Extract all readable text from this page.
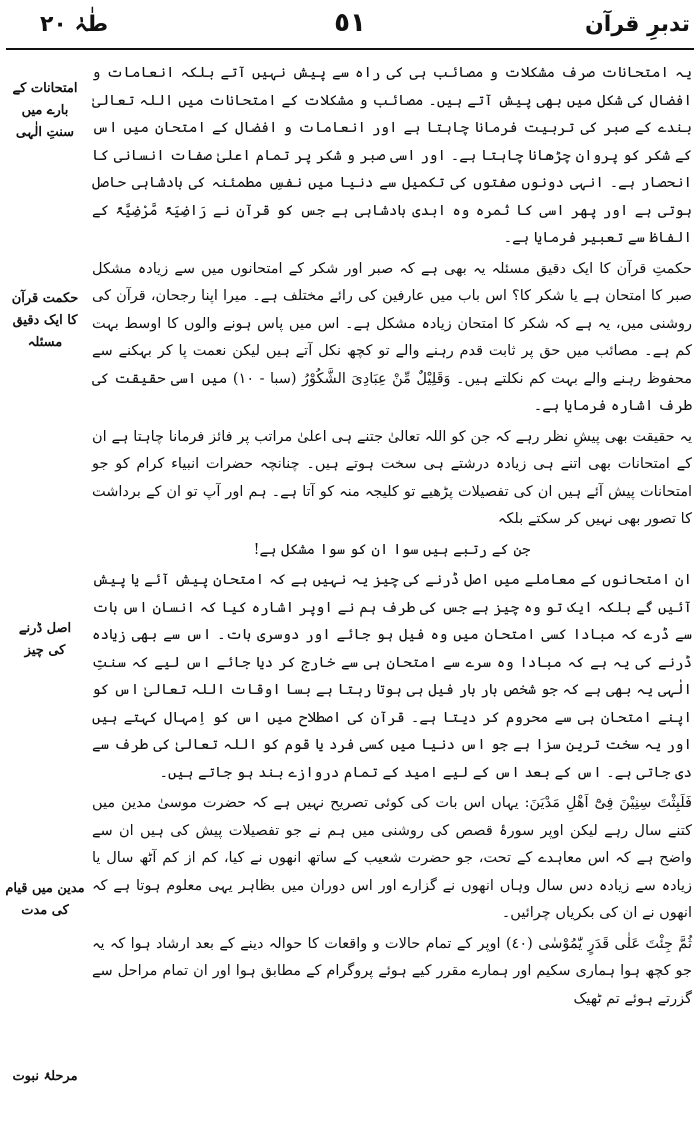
طٰہٰ ٢٠	٥١	تدبرِ قرآن
امتحانات کے
بارے میں
سنتِ الٰہی
حکمت قرآن
کا ایک دقیق
مسئلہ
اصل ڈرنے
کی چیز
مدین میں قیام
کی مدت
مرحلۂ نبوت

یہ امتحانات صرف مشکلات و مصائب ہی کی راہ سے پیش نہیں آتے بلکہ انعامات و افضال کی شکل میں بھی پیش آتے ہیں۔ مصائب و مشکلات کے امتحانات میں اللہ تعالیٰ بندے کے صبر کی تربیت فرمانا چاہتا ہے اور انعامات و افضال کے امتحان میں اس کے شکر کو پروان چڑھانا چاہتا ہے۔ اور اسی صبر و شکر پر تمام اعلیٰ صفات انسانی کا انحصار ہے۔ انہی دونوں صفتوں کی تکمیل سے دنیا میں نفسِ مطمئنہ کی بادشاہی حاصل ہوتی ہے اور پھر اسی کا ثمرہ وہ ابدی بادشاہی ہے جس کو قرآن نے رَاضِیَۃً مَّرْضِیَّۃً کے الفاظ سے تعبیر فرمایا ہے۔

حکمتِ قرآن کا ایک دقیق مسئلہ یہ بھی ہے کہ صبر اور شکر کے امتحانوں میں سے زیادہ مشکل صبر کا امتحان ہے یا شکر کا؟ اس باب میں عارفین کی رائے مختلف ہے۔ میرا اپنا رجحان، قرآن کی روشنی میں، یہ ہے کہ شکر کا امتحان زیادہ مشکل ہے۔ اس میں پاس ہونے والوں کا اوسط بہت کم ہے۔ مصائب میں حق پر ثابت قدم رہنے والے تو کچھ نکل آتے ہیں لیکن نعمت پا کر بہکنے سے محفوظ رہنے والے بہت کم نکلتے ہیں۔ وَقَلِیْلٌ مِّنْ عِبَادِیَ الشَّکُوْرُ (سبا - ١٠) میں اسی حقیقت کی طرف اشارہ فرمایا ہے۔

یہ حقیقت بھی پیشِ نظر رہے کہ جن کو اللہ تعالیٰ جتنے ہی اعلیٰ مراتب پر فائز فرمانا چاہتا ہے ان کے امتحانات بھی اتنے ہی زیادہ درشتے ہی سخت ہوتے ہیں۔ چنانچہ حضرات انبیاء کرام کو جو امتحانات پیش آئے ہیں ان کی تفصیلات پڑھیے تو کلیجہ منہ کو آتا ہے۔ ہم اور آپ تو ان کے برداشت کا تصور بھی نہیں کر سکتے بلکہ

جن کے رتبے ہیں سوا ان کو سوا مشکل ہے!

ان امتحانوں کے معاملے میں اصل ڈرنے کی چیز یہ نہیں ہے کہ امتحان پیش آئے یا پیش آئیں گے بلکہ ایک تو وہ چیز ہے جس کی طرف ہم نے اوپر اشارہ کیا کہ انسان اس بات سے ڈرے کہ مبادا کسی امتحان میں وہ فیل ہو جائے اور دوسری بات۔ اس سے بھی زیادہ ڈرنے کی یہ ہے کہ مبادا وہ سرے سے امتحان ہی سے خارج کر دیا جائے اس لیے کہ سنتِ الٰہی یہ بھی ہے کہ جو شخص بار بار فیل ہی ہوتا رہتا ہے بسا اوقات اللہ تعالیٰ اس کو اپنے امتحان ہی سے محروم کر دیتا ہے۔ قرآن کی اصطلاح میں اس کو اِمہال کہتے ہیں اور یہ سخت ترین سزا ہے جو اس دنیا میں کسی فرد یا قوم کو اللہ تعالیٰ کی طرف سے دی جاتی ہے۔ اس کے بعد اس کے لیے امید کے تمام دروازے بند ہو جاتے ہیں۔

فَلَبِثْتَ سِنِیْنَ فِیْٓ اَھْلِ مَدْیَنَ: یہاں اس بات کی کوئی تصریح نہیں ہے کہ حضرت موسیٰ مدین میں کتنے سال رہے لیکن اوپر سورۂ قصص کی روشنی میں ہم نے جو تفصیلات پیش کی ہیں ان سے واضح ہے کہ اس معاہدے کے تحت، جو حضرت شعیب کے ساتھ انھوں نے کیا، کم از کم آٹھ سال یا زیادہ سے زیادہ دس سال وہاں انھوں نے گزارے اور اس دوران میں بظاہر یہی معلوم ہوتا ہے کہ انھوں نے ان کی بکریاں چرائیں۔

ثُمَّ جِئْتَ عَلٰی قَدَرٍ یّٰمُوْسٰی (٤٠) اوپر کے تمام حالات و واقعات کا حوالہ دینے کے بعد ارشاد ہوا کہ یہ جو کچھ ہوا ہماری سکیم اور ہمارے مقرر کیے ہوئے پروگرام کے مطابق ہوا اور ان تمام مراحل سے گزرتے ہوئے تم ٹھیک
